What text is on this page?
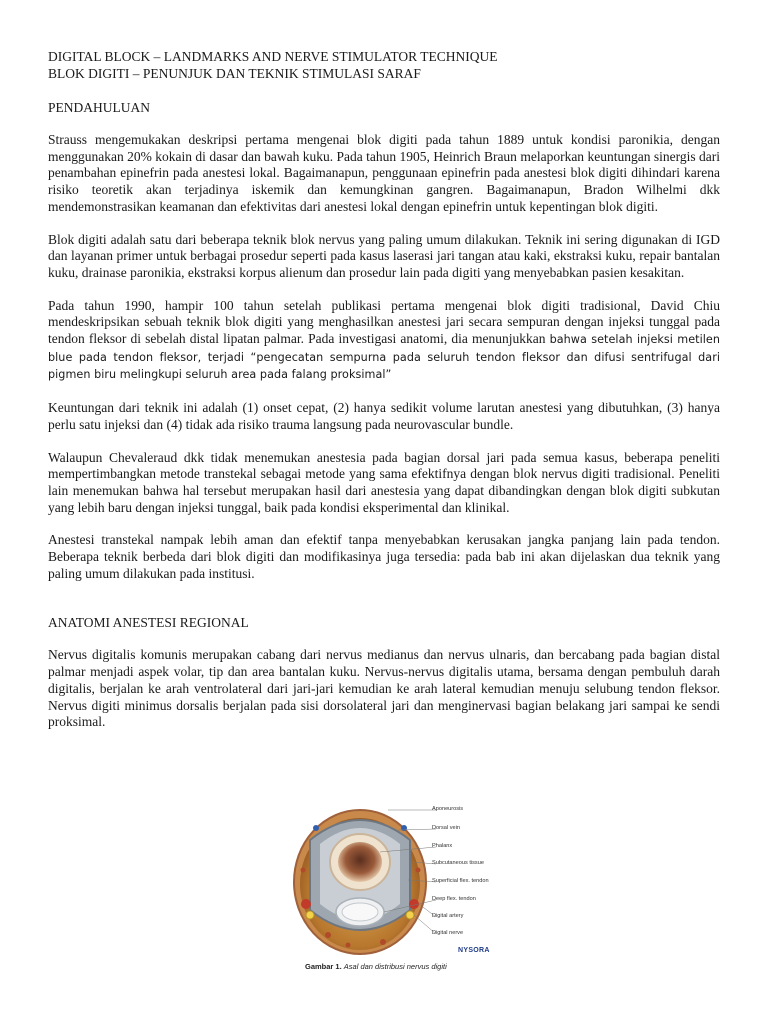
DIGITAL BLOCK – LANDMARKS AND NERVE STIMULATOR TECHNIQUE

BLOK DIGITI – PENUNJUK DAN TEKNIK STIMULASI SARAF

PENDAHULUAN

Strauss mengemukakan deskripsi pertama mengenai blok digiti pada tahun 1889 untuk kondisi paronikia, dengan menggunakan 20% kokain di dasar dan bawah kuku. Pada tahun 1905, Heinrich Braun melaporkan keuntungan sinergis dari penambahan epinefrin pada anestesi lokal. Bagaimanapun, penggunaan epinefrin pada anestesi blok digiti dihindari karena risiko teoretik akan terjadinya iskemik dan kemungkinan gangren. Bagaimanapun, Bradon Wilhelmi dkk mendemonstrasikan keamanan dan efektivitas dari anestesi lokal dengan epinefrin untuk kepentingan blok digiti.

Blok digiti adalah satu dari beberapa teknik blok nervus yang paling umum dilakukan. Teknik ini sering digunakan di IGD dan layanan primer untuk berbagai prosedur seperti pada kasus laserasi jari tangan atau kaki, ekstraksi kuku, repair bantalan kuku, drainase paronikia, ekstraksi korpus alienum dan prosedur lain pada digiti yang menyebabkan pasien kesakitan.

Pada tahun 1990, hampir 100 tahun setelah publikasi pertama mengenai blok digiti tradisional, David Chiu mendeskripsikan sebuah teknik blok digiti yang menghasilkan anestesi jari secara sempuran dengan injeksi tunggal pada tendon fleksor di sebelah distal lipatan palmar. Pada investigasi anatomi, dia menunjukkan bahwa setelah injeksi metilen blue pada tendon fleksor, terjadi “pengecatan sempurna pada seluruh tendon fleksor dan difusi sentrifugal dari pigmen biru melingkupi seluruh area pada falang proksimal”

Keuntungan dari teknik ini adalah (1) onset cepat, (2) hanya sedikit volume larutan anestesi yang dibutuhkan, (3) hanya perlu satu injeksi dan (4) tidak ada risiko trauma langsung pada neurovascular bundle.

Walaupun Chevaleraud dkk tidak menemukan anestesia pada bagian dorsal jari pada semua kasus, beberapa peneliti mempertimbangkan metode transtekal sebagai metode yang sama efektifnya dengan blok nervus digiti tradisional. Peneliti lain menemukan bahwa hal tersebut merupakan hasil dari anestesia yang dapat dibandingkan dengan blok digiti subkutan yang lebih baru dengan injeksi tunggal, baik pada kondisi eksperimental dan klinikal.

Anestesi transtekal nampak lebih aman dan efektif tanpa menyebabkan kerusakan jangka panjang lain pada tendon. Beberapa teknik berbeda dari blok digiti dan modifikasinya juga tersedia: pada bab ini akan dijelaskan dua teknik yang paling umum dilakukan pada institusi.

ANATOMI ANESTESI REGIONAL

Nervus digitalis komunis merupakan cabang dari nervus medianus dan nervus ulnaris, dan bercabang pada bagian distal palmar menjadi aspek volar, tip dan area bantalan kuku. Nervus-nervus digitalis utama, bersama dengan pembuluh darah digitalis, berjalan ke arah ventrolateral dari jari-jari kemudian ke arah lateral kemudian menuju selubung tendon fleksor. Nervus digiti minimus dorsalis berjalan pada sisi dorsolateral jari dan menginervasi bagian belakang jari sampai ke sendi proksimal.

Aponeurosis
Dorsal vein
Phalanx
Subcutaneous tissue
Superficial flex. tendon
Deep flex. tendon
Digital artery
Digital nerve
NYSORA
Gambar 1. Asal dan distribusi nervus digiti
